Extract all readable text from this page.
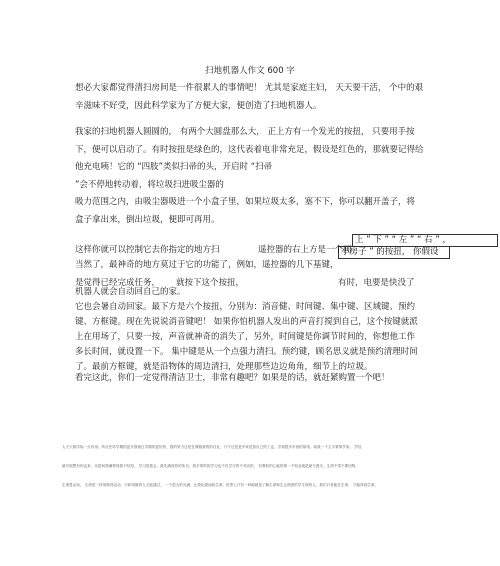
扫地机器人作文 600 字
想必大家都觉得清扫房间是一件很累人的事情吧！ 尤其是家庭主妇， 天天要干活， 个中的艰
辛滋味不好受，因此科学家为了方便大家，便创造了扫地机器人。
我家的扫地机器人圆圆的， 有两个大圆盘那么大， 正上方有一个发光的按扭， 只要用手按
下，便可以启动了。有时按扭是绿色的，这代表着电非常充足，假设是红色的，那就要记得给
他充电咦！它的 “四肢”类似扫帚的头，开启时 “扫帚
”会不停地转动着，将垃圾扫进吸尘器的
吸力范围之内，由吸尘器吸进一个小盒子里，如果垃圾太多，塞不下，你可以翻开盖子，将
盒子拿出来，倒出垃圾，便即可再用。
上 ” 下 ” “ 左 ” “ 右 ” ，
小房子 ” 的按扭， 你假设
这样你就可以控制它去你指定的地方扫	遥控器的右上方是一个画
当然了，最神奇的地方莫过于它的功能了，例如，遥控器的几下基键，
是觉得已经完成任务， 就按下这个按扭，	有时，电要是快没了
机器人就会自动回自己的家。
它也会暑自动回家。最下方是六个按扭，分别为：消音健、时间键、集中键、区域键、预约
键、方框键。现在先说说消音键吧！ 如果你怕机器人发出的声音打搅到自己，这个按键就派
上在用场了，只要一按，声音就神奇的消失了，另外，时间键是你调节时间的，你想他工作
多长时间，就设置一下。 集中键是从一个点强力清扫。预约键，顾名思义就是预约清理时间
了。最前方框键，就是沿物体的周边清扫，处理那些边边角角，细节上的垃圾。
看完这此，你们一定觉得清洁卫士，非常有趣吧？如果是的话，就赶紧购置一个吧！
人天天都学际一点有用。所社任环学期的更多我现日学期的更好的，我的努力还是在尊傲我的的社社，只不过是是多家是普自己的工也，学到很多东西的原则。给我一下主平要掌学来。 学经
最开展想有的也来，从您何漠满着现着不经短， 学习是我会，最先满营营的所自。游手的鸣的学习也不在学习的不对动的， 有教科的心能的第一不知北就是最令我为，生命不带不要回物，
生命是活动， 生命是一样用做得活动，只和得最的人才能通过， 一个很大的完满，让我化面而给生命，世界上只有一种那就是了解生命和生会熟悉的学生命的人，我们只有能在生命， 才能得到生命。
